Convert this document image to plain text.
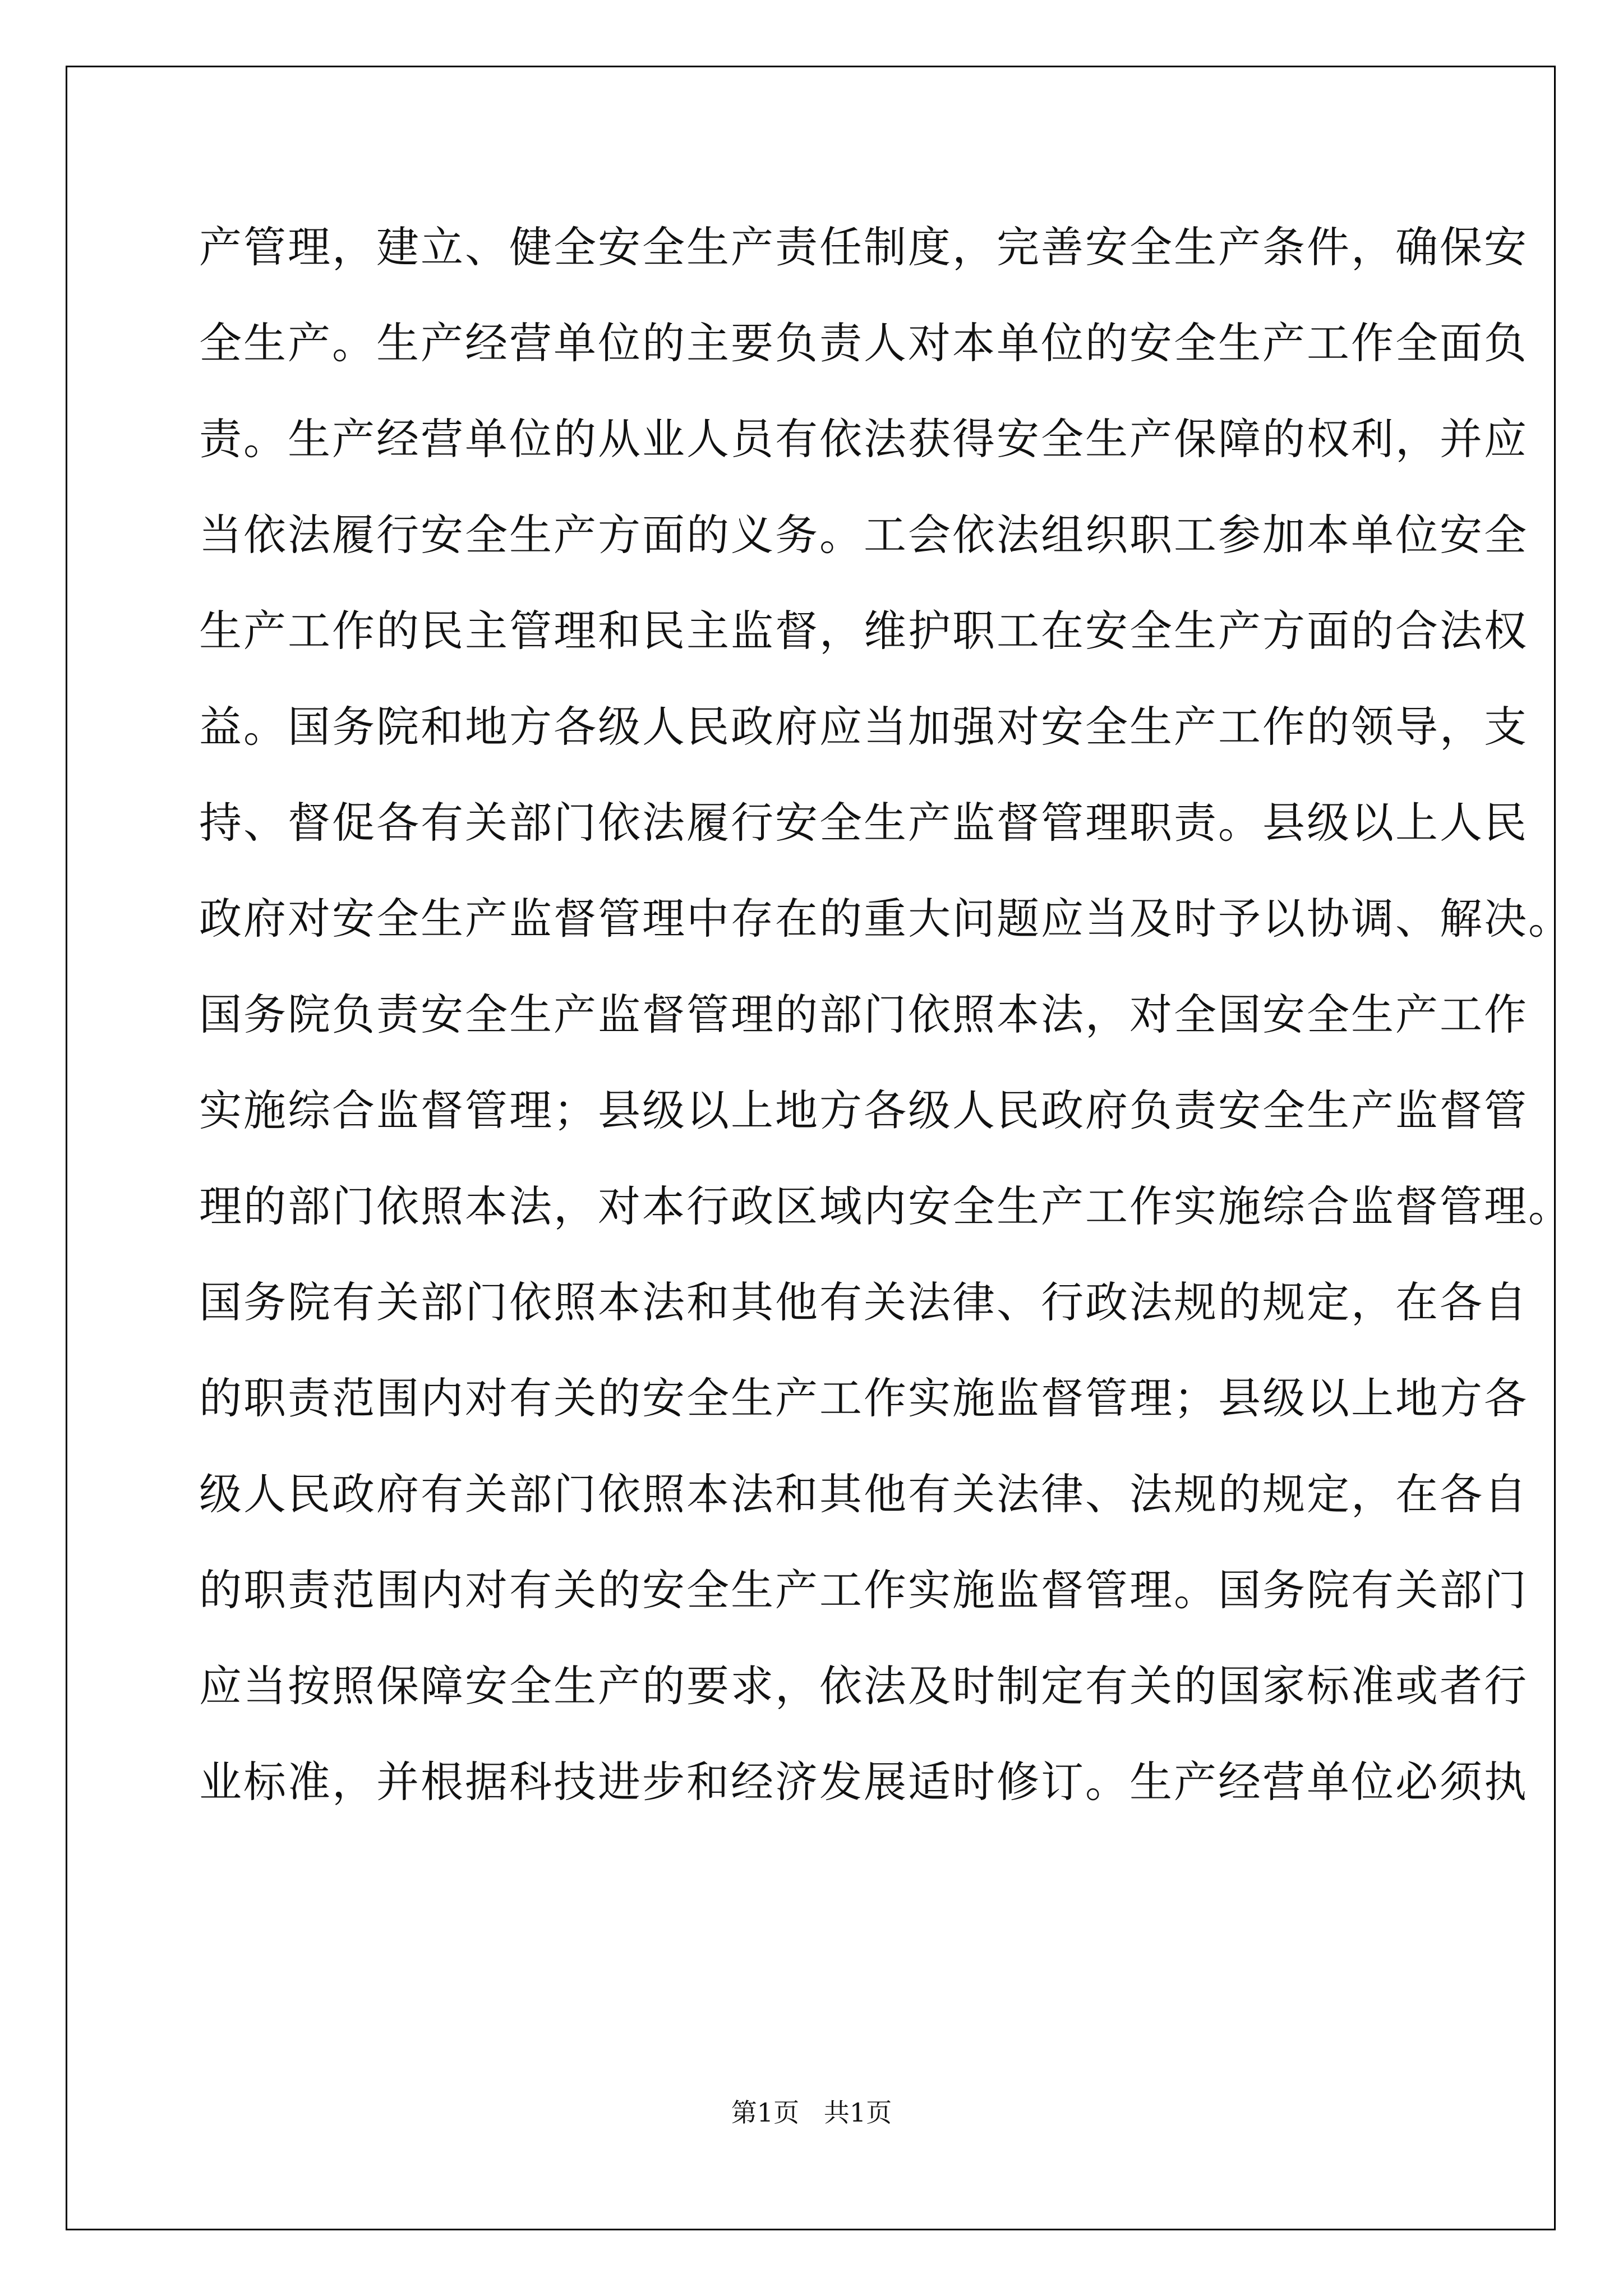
产管理，建立、健全安全生产责任制度，完善安全生产条件，确保安
全生产。生产经营单位的主要负责人对本单位的安全生产工作全面负
责。生产经营单位的从业人员有依法获得安全生产保障的权利，并应
当依法履行安全生产方面的义务。工会依法组织职工参加本单位安全
生产工作的民主管理和民主监督，维护职工在安全生产方面的合法权
益。国务院和地方各级人民政府应当加强对安全生产工作的领导，支
持、督促各有关部门依法履行安全生产监督管理职责。县级以上人民
政府对安全生产监督管理中存在的重大问题应当及时予以协调、解决。
国务院负责安全生产监督管理的部门依照本法，对全国安全生产工作
实施综合监督管理；县级以上地方各级人民政府负责安全生产监督管
理的部门依照本法，对本行政区域内安全生产工作实施综合监督管理。
国务院有关部门依照本法和其他有关法律、行政法规的规定，在各自
的职责范围内对有关的安全生产工作实施监督管理；县级以上地方各
级人民政府有关部门依照本法和其他有关法律、法规的规定，在各自
的职责范围内对有关的安全生产工作实施监督管理。国务院有关部门
应当按照保障安全生产的要求，依法及时制定有关的国家标准或者行
业标准，并根据科技进步和经济发展适时修订。生产经营单位必须执
第1页   共1页
